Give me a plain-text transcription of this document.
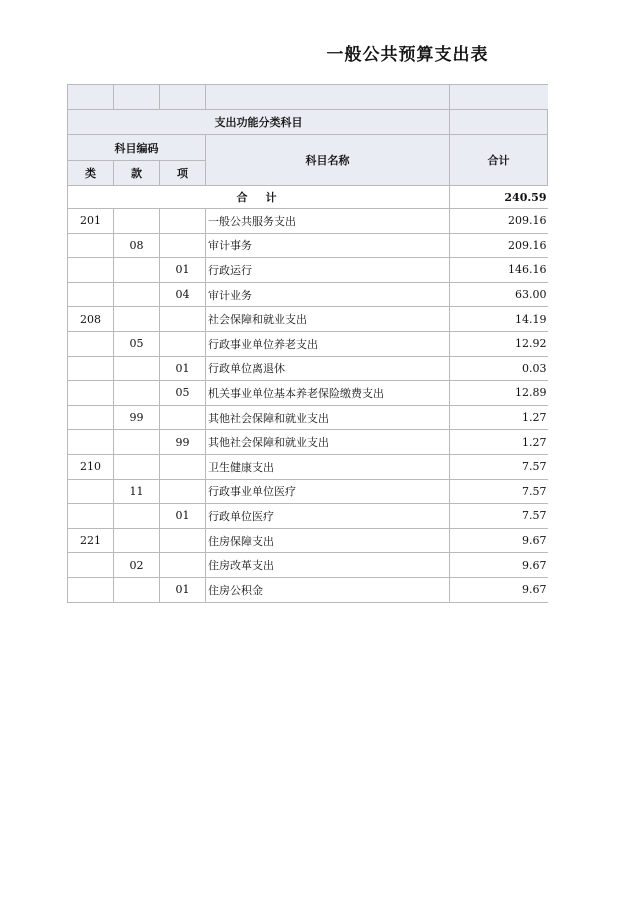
一般公共预算支出表

支出功能分类科目				
科目编码			科目名称	合计
类	款	项		
合计				240.59
201			一般公共服务支出	209.16
	08		审计事务	209.16
		01	行政运行	146.16
		04	审计业务	63.00
208			社会保障和就业支出	14.19
	05		行政事业单位养老支出	12.92
		01	行政单位离退休	0.03
		05	机关事业单位基本养老保险缴费支出	12.89
	99		其他社会保障和就业支出	1.27
		99	其他社会保障和就业支出	1.27
210			卫生健康支出	7.57
	11		行政事业单位医疗	7.57
		01	行政单位医疗	7.57
221			住房保障支出	9.67
	02		住房改革支出	9.67
		01	住房公积金	9.67
